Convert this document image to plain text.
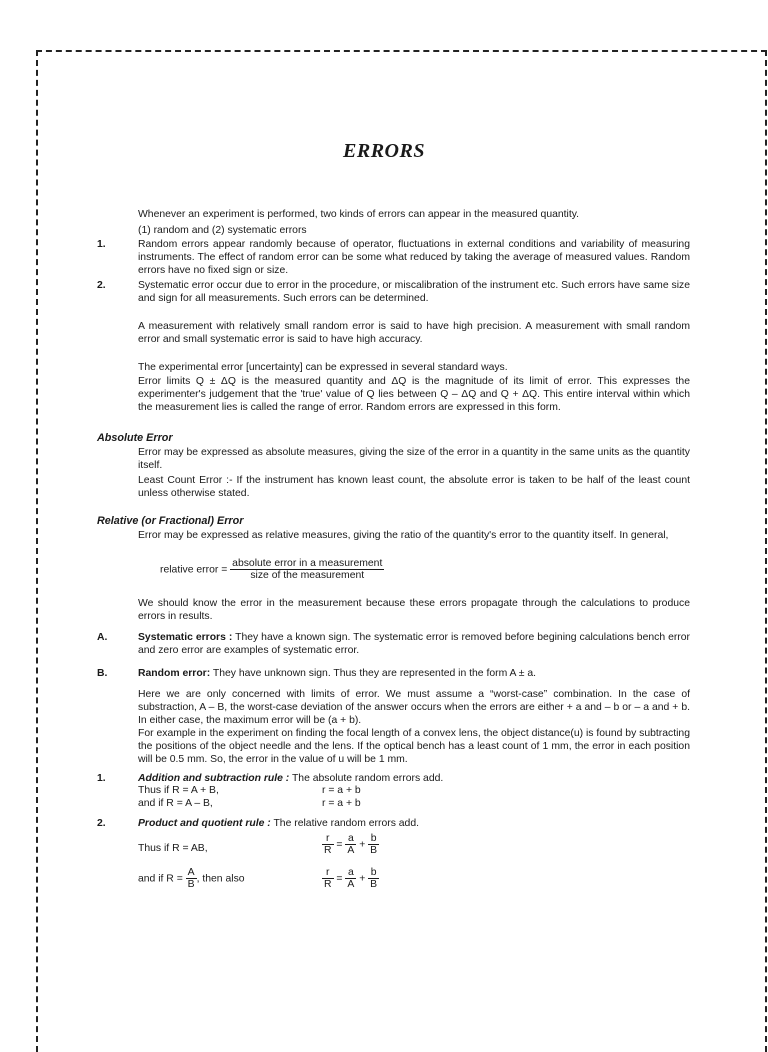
ERRORS
Whenever an experiment is performed, two kinds of errors can appear in the measured quantity.
(1) random and (2) systematic errors
1.	Random errors appear randomly because of operator, fluctuations in external conditions and variability of measuring instruments. The effect of random error can be some what reduced by taking the average of measured values. Random errors have no fixed sign or size.
2.	Systematic error occur due to error in the procedure, or miscalibration of the instrument etc. Such errors have same size and sign for all measurements. Such errors can be determined.
A measurement with relatively small random error is said to have high precision. A measurement with small random error and small systematic error is said to have high accuracy.
The experimental error [uncertainty] can be expressed in several standard ways.
Error limits Q ± ΔQ is the measured quantity and ΔQ is the magnitude of its limit of error. This expresses the experimenter's judgement that the 'true' value of Q lies between Q – ΔQ and Q + ΔQ. This entire interval within which the measurement lies is called the range of error. Random errors are expressed in this form.
Absolute Error
Error may be expressed as absolute measures, giving the size of the error in a quantity in the same units as the quantity itself.
Least Count Error :- If the instrument has known least count, the absolute error is taken to be half of the least count unless otherwise stated.
Relative (or Fractional) Error
Error may be expressed as relative measures, giving the ratio of the quantity's error to the quantity itself. In general,
relative error = $\frac{\text{absolute error in a measurement}}{\text{size of the measurement}}$
We should know the error in the measurement because these errors propagate through the calculations to produce errors in results.
A.	Systematic errors : They have a known sign. The systematic error is removed before begining calculations bench error and zero error are examples of systematic error.
B.	Random error: They have unknown sign. Thus they are represented in the form A ± a.
Here we are only concerned with limits of error. We must assume a “worst-case” combination. In the case of substraction, A – B, the worst-case deviation of the answer occurs when the errors are either + a and – b or – a and + b. In either case, the maximum error will be (a + b).
For example in the experiment on finding the focal length of a convex lens, the object distance(u) is found by subtracting the positions of the object needle and the lens. If the optical bench has a least count of 1 mm, the error in each position will be 0.5 mm. So, the error in the value of u will be 1 mm.
1.	Addition and subtraction rule : The absolute random errors add.
Thus if R = A + B,	r = a + b
and if R = A – B,	r = a + b
2.	Product and quotient rule : The relative random errors add.
Thus if R = AB,	$\frac{r}{R} = \frac{a}{A} + \frac{b}{B}$
and if $R = \frac{A}{B}$ , then also	$\frac{r}{R} = \frac{a}{A} + \frac{b}{B}$
